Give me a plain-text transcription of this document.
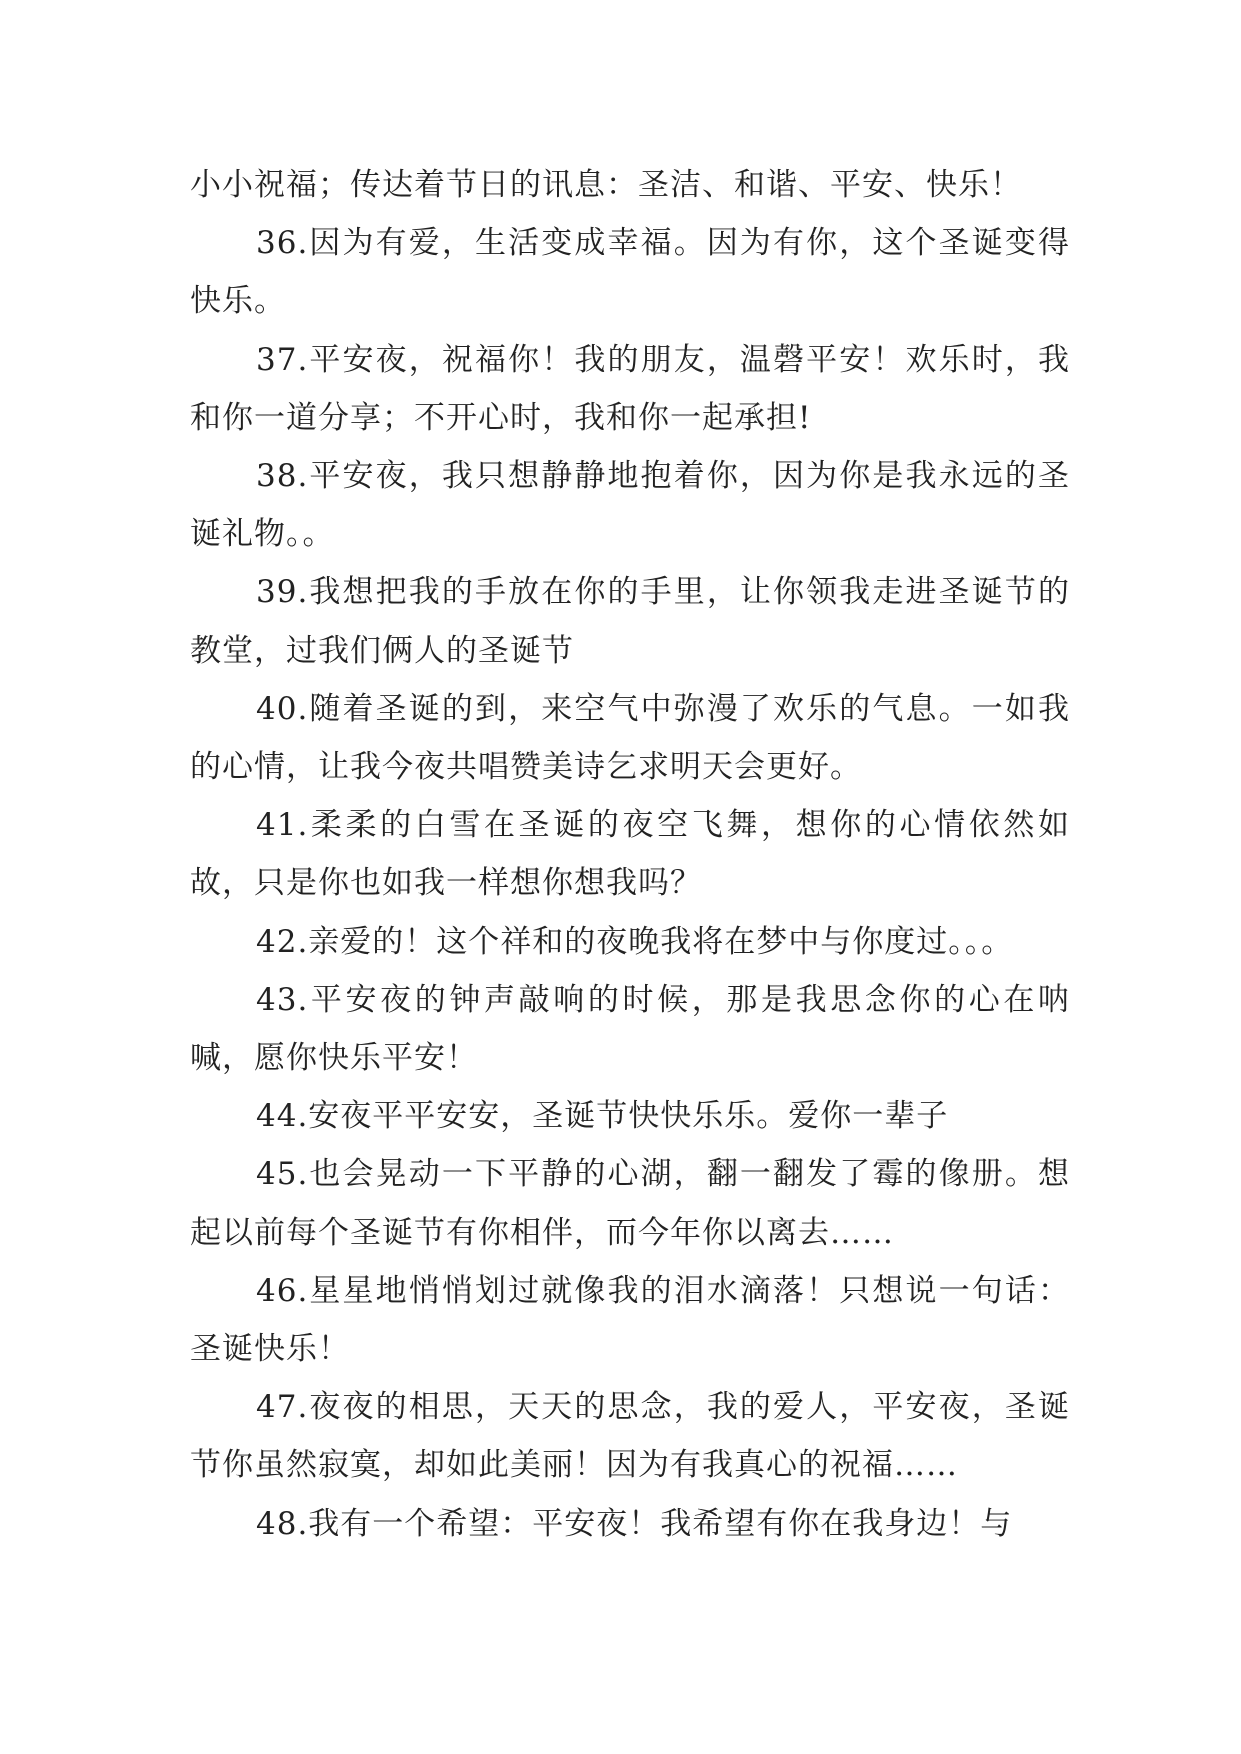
小小祝福；传达着节日的讯息：圣洁、和谐、平安、快乐！

36.因为有爱，生活变成幸福。因为有你，这个圣诞变得快乐。

37.平安夜，祝福你！我的朋友，温磬平安！欢乐时，我和你一道分享；不开心时，我和你一起承担!

38.平安夜，我只想静静地抱着你，因为你是我永远的圣诞礼物。。

39.我想把我的手放在你的手里，让你领我走进圣诞节的教堂，过我们俩人的圣诞节

40.随着圣诞的到，来空气中弥漫了欢乐的气息。一如我的心情，让我今夜共唱赞美诗乞求明天会更好。

41.柔柔的白雪在圣诞的夜空飞舞，想你的心情依然如故，只是你也如我一样想你想我吗？

42.亲爱的！这个祥和的夜晚我将在梦中与你度过。。。

43.平安夜的钟声敲响的时候，那是我思念你的心在呐喊，愿你快乐平安！

44.安夜平平安安，圣诞节快快乐乐。爱你一辈子

45.也会晃动一下平静的心湖，翻一翻发了霉的像册。想起以前每个圣诞节有你相伴，而今年你以离去……

46.星星地悄悄划过就像我的泪水滴落！只想说一句话：圣诞快乐！

47.夜夜的相思，天天的思念，我的爱人，平安夜，圣诞节你虽然寂寞，却如此美丽！因为有我真心的祝福……

48.我有一个希望：平安夜！我希望有你在我身边！与
